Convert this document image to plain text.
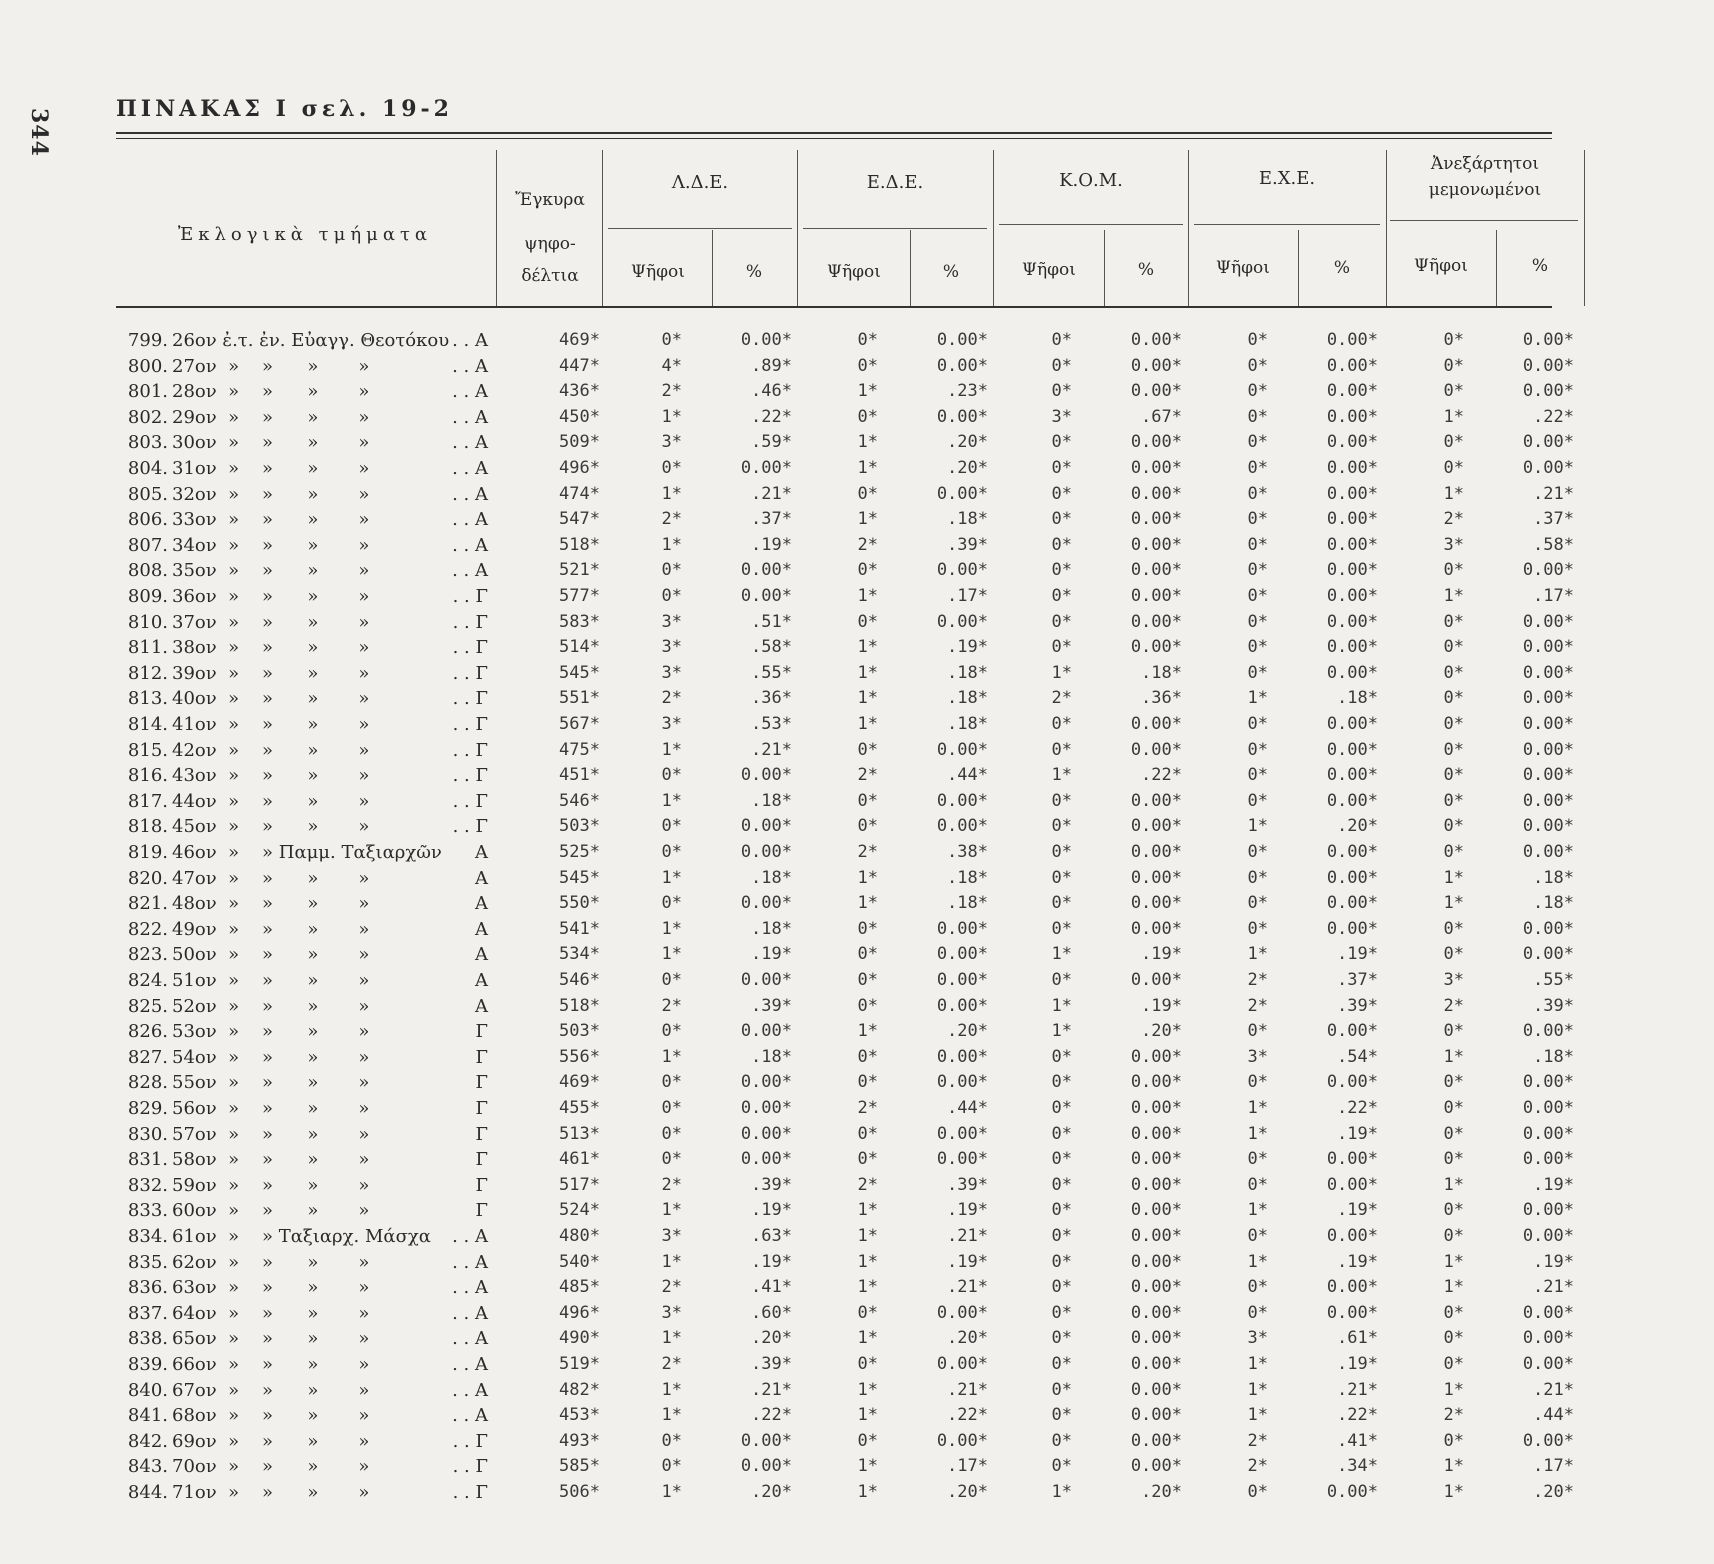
344	ΠΙΝΑΚΑΣ Ι σελ. 19-2
Ἐκλογικὰ τμήματα
Ἔγκυρα
ψηφο-
δέλτια
Λ.Δ.Ε.	Ε.Δ.Ε.	Κ.Ο.Μ.	Ε.Χ.Ε.
Ἀνεξάρτητοι
μεμονωμένοι
Ψῆφοι	%	Ψῆφοι	%	Ψῆφοι	%	Ψῆφοι	%	Ψῆφοι	%
799. 26ον ἐ.τ. ἐν. Εὐαγγ. Θεοτόκου . . Α	469*	0*	0.00*	0*	0.00*	0*	0.00*	0*	0.00*	0*	0.00*
800. 27ον  »    »      »       »	. . Α	447*	4*	.89*	0*	0.00*	0*	0.00*	0*	0.00*	0*	0.00*
801. 28ον  »    »      »       »	. . Α	436*	2*	.46*	1*	.23*	0*	0.00*	0*	0.00*	0*	0.00*
802. 29ον  »    »      »       »	. . Α	450*	1*	.22*	0*	0.00*	3*	.67*	0*	0.00*	1*	.22*
803. 30ον  »    »      »       »	. . Α	509*	3*	.59*	1*	.20*	0*	0.00*	0*	0.00*	0*	0.00*
804. 31ον  »    »      »       »	. . Α	496*	0*	0.00*	1*	.20*	0*	0.00*	0*	0.00*	0*	0.00*
805. 32ον  »    »      »       »	. . Α	474*	1*	.21*	0*	0.00*	0*	0.00*	0*	0.00*	1*	.21*
806. 33ον  »    »      »       »	. . Α	547*	2*	.37*	1*	.18*	0*	0.00*	0*	0.00*	2*	.37*
807. 34ον  »    »      »       »	. . Α	518*	1*	.19*	2*	.39*	0*	0.00*	0*	0.00*	3*	.58*
808. 35ον  »    »      »       »	. . Α	521*	0*	0.00*	0*	0.00*	0*	0.00*	0*	0.00*	0*	0.00*
809. 36ον  »    »      »       »	. . Γ	577*	0*	0.00*	1*	.17*	0*	0.00*	0*	0.00*	1*	.17*
810. 37ον  »    »      »       »	. . Γ	583*	3*	.51*	0*	0.00*	0*	0.00*	0*	0.00*	0*	0.00*
811. 38ον  »    »      »       »	. . Γ	514*	3*	.58*	1*	.19*	0*	0.00*	0*	0.00*	0*	0.00*
812. 39ον  »    »      »       »	. . Γ	545*	3*	.55*	1*	.18*	1*	.18*	0*	0.00*	0*	0.00*
813. 40ον  »    »      »       »	. . Γ	551*	2*	.36*	1*	.18*	2*	.36*	1*	.18*	0*	0.00*
814. 41ον  »    »      »       »	. . Γ	567*	3*	.53*	1*	.18*	0*	0.00*	0*	0.00*	0*	0.00*
815. 42ον  »    »      »       »	. . Γ	475*	1*	.21*	0*	0.00*	0*	0.00*	0*	0.00*	0*	0.00*
816. 43ον  »    »      »       »	. . Γ	451*	0*	0.00*	2*	.44*	1*	.22*	0*	0.00*	0*	0.00*
817. 44ον  »    »      »       »	. . Γ	546*	1*	.18*	0*	0.00*	0*	0.00*	0*	0.00*	0*	0.00*
818. 45ον  »    »      »       »	. . Γ	503*	0*	0.00*	0*	0.00*	0*	0.00*	1*	.20*	0*	0.00*
819. 46ον  »    » Παμμ. Ταξιαρχῶν	Α	525*	0*	0.00*	2*	.38*	0*	0.00*	0*	0.00*	0*	0.00*
820. 47ον  »    »      »       »	Α	545*	1*	.18*	1*	.18*	0*	0.00*	0*	0.00*	1*	.18*
821. 48ον  »    »      »       »	Α	550*	0*	0.00*	1*	.18*	0*	0.00*	0*	0.00*	1*	.18*
822. 49ον  »    »      »       »	Α	541*	1*	.18*	0*	0.00*	0*	0.00*	0*	0.00*	0*	0.00*
823. 50ον  »    »      »       »	Α	534*	1*	.19*	0*	0.00*	1*	.19*	1*	.19*	0*	0.00*
824. 51ον  »    »      »       »	Α	546*	0*	0.00*	0*	0.00*	0*	0.00*	2*	.37*	3*	.55*
825. 52ον  »    »      »       »	Α	518*	2*	.39*	0*	0.00*	1*	.19*	2*	.39*	2*	.39*
826. 53ον  »    »      »       »	Γ	503*	0*	0.00*	1*	.20*	1*	.20*	0*	0.00*	0*	0.00*
827. 54ον  »    »      »       »	Γ	556*	1*	.18*	0*	0.00*	0*	0.00*	3*	.54*	1*	.18*
828. 55ον  »    »      »       »	Γ	469*	0*	0.00*	0*	0.00*	0*	0.00*	0*	0.00*	0*	0.00*
829. 56ον  »    »      »       »	Γ	455*	0*	0.00*	2*	.44*	0*	0.00*	1*	.22*	0*	0.00*
830. 57ον  »    »      »       »	Γ	513*	0*	0.00*	0*	0.00*	0*	0.00*	1*	.19*	0*	0.00*
831. 58ον  »    »      »       »	Γ	461*	0*	0.00*	0*	0.00*	0*	0.00*	0*	0.00*	0*	0.00*
832. 59ον  »    »      »       »	Γ	517*	2*	.39*	2*	.39*	0*	0.00*	0*	0.00*	1*	.19*
833. 60ον  »    »      »       »	Γ	524*	1*	.19*	1*	.19*	0*	0.00*	1*	.19*	0*	0.00*
834. 61ον  »    » Ταξιαρχ. Μάσχα	. . Α	480*	3*	.63*	1*	.21*	0*	0.00*	0*	0.00*	0*	0.00*
835. 62ον  »    »      »       »	. . Α	540*	1*	.19*	1*	.19*	0*	0.00*	1*	.19*	1*	.19*
836. 63ον  »    »      »       »	. . Α	485*	2*	.41*	1*	.21*	0*	0.00*	0*	0.00*	1*	.21*
837. 64ον  »    »      »       »	. . Α	496*	3*	.60*	0*	0.00*	0*	0.00*	0*	0.00*	0*	0.00*
838. 65ον  »    »      »       »	. . Α	490*	1*	.20*	1*	.20*	0*	0.00*	3*	.61*	0*	0.00*
839. 66ον  »    »      »       »	. . Α	519*	2*	.39*	0*	0.00*	0*	0.00*	1*	.19*	0*	0.00*
840. 67ον  »    »      »       »	. . Α	482*	1*	.21*	1*	.21*	0*	0.00*	1*	.21*	1*	.21*
841. 68ον  »    »      »       »	. . Α	453*	1*	.22*	1*	.22*	0*	0.00*	1*	.22*	2*	.44*
842. 69ον  »    »      »       »	. . Γ	493*	0*	0.00*	0*	0.00*	0*	0.00*	2*	.41*	0*	0.00*
843. 70ον  »    »      »       »	. . Γ	585*	0*	0.00*	1*	.17*	0*	0.00*	2*	.34*	1*	.17*
844. 71ον  »    »      »       »	. . Γ	506*	1*	.20*	1*	.20*	1*	.20*	0*	0.00*	1*	.20*
